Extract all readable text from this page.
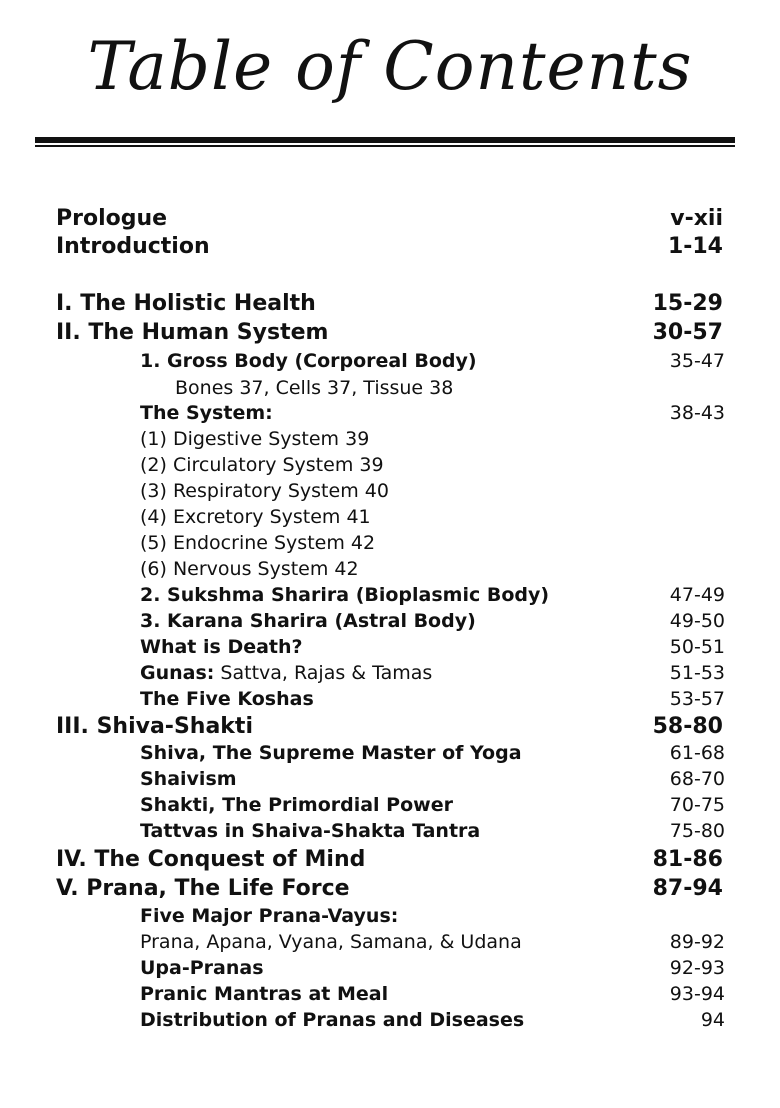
Table of Contents
Prologue	v-xii
Introduction	1-14
I. The Holistic Health	15-29
II. The Human System	30-57
1. Gross Body (Corporeal Body)	35-47
Bones 37, Cells 37, Tissue 38
The System:	38-43
(1) Digestive System 39
(2) Circulatory System 39
(3) Respiratory System 40
(4) Excretory System 41
(5) Endocrine System 42
(6) Nervous System 42
2. Sukshma Sharira (Bioplasmic Body)	47-49
3. Karana Sharira (Astral Body)	49-50
What is Death?	50-51
Gunas: Sattva, Rajas & Tamas	51-53
The Five Koshas	53-57
III. Shiva-Shakti	58-80
Shiva, The Supreme Master of Yoga	61-68
Shaivism	68-70
Shakti, The Primordial Power	70-75
Tattvas in Shaiva-Shakta Tantra	75-80
IV. The Conquest of Mind	81-86
V. Prana, The Life Force	87-94
Five Major Prana-Vayus:
Prana, Apana, Vyana, Samana, & Udana	89-92
Upa-Pranas	92-93
Pranic Mantras at Meal	93-94
Distribution of Pranas and Diseases	94
